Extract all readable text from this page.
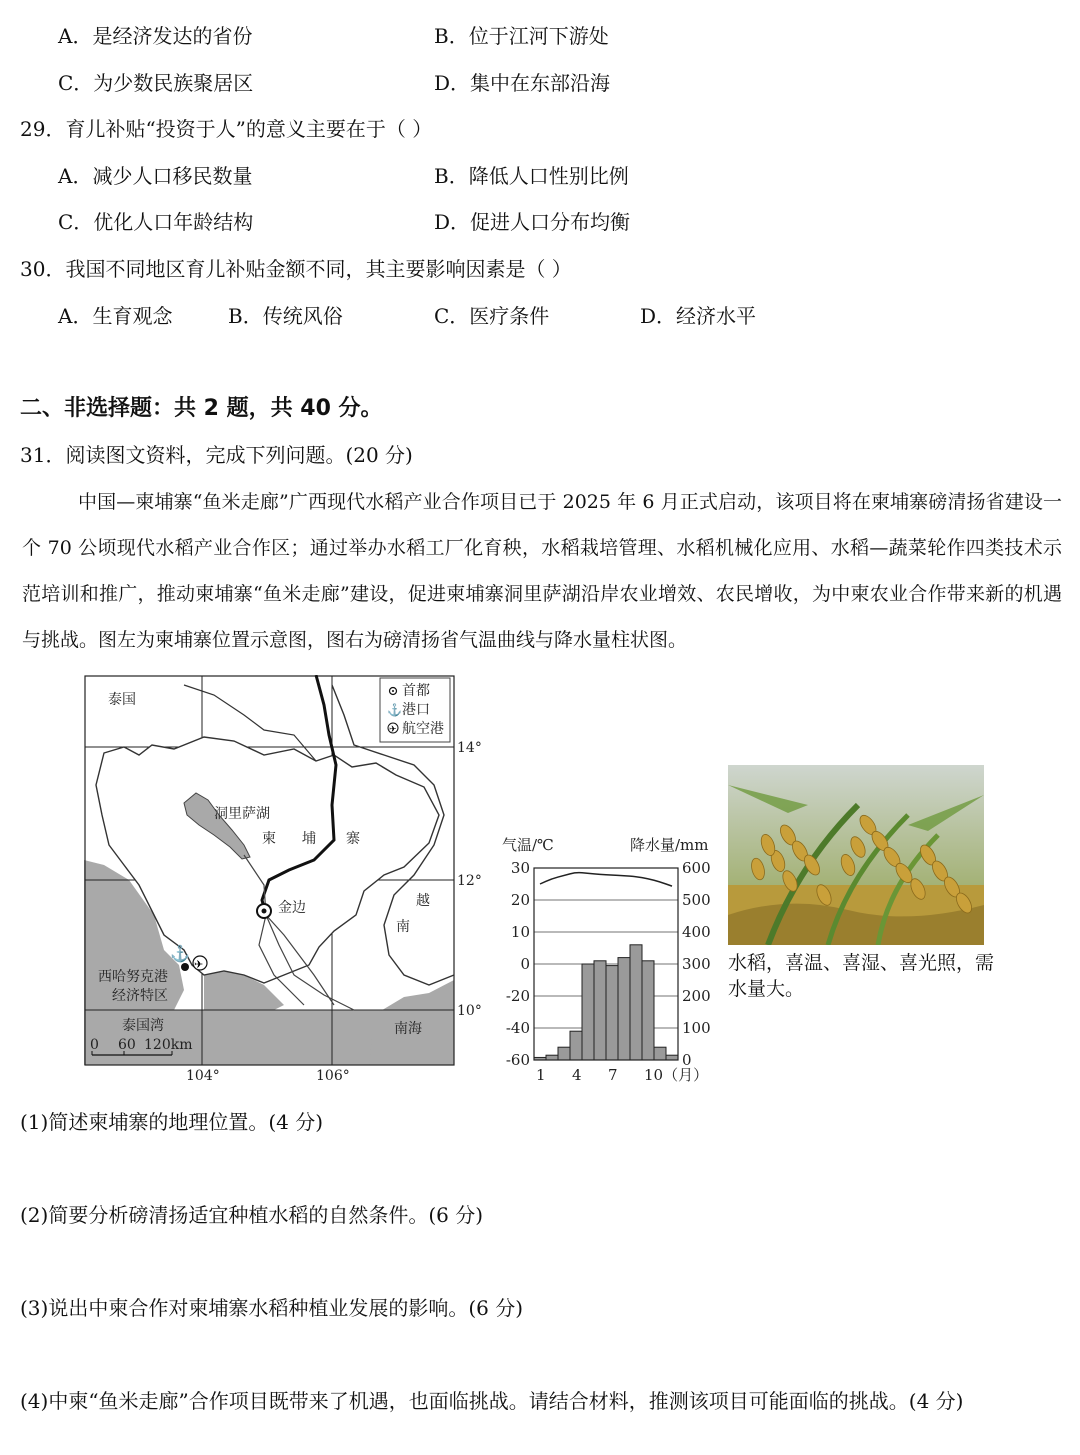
A．是经济发达的省份	B．位于江河下游处
C．为少数民族聚居区	D．集中在东部沿海
29．育儿补贴“投资于人”的意义主要在于（ ）
A．减少人口移民数量	B．降低人口性别比例
C．优化人口年龄结构	D．促进人口分布均衡
30．我国不同地区育儿补贴金额不同，其主要影响因素是（ ）
A．生育观念	B．传统风俗	C．医疗条件	D．经济水平
二、非选择题：共 2 题，共 40 分。
31．阅读图文资料，完成下列问题。(20 分)
中国—柬埔寨“鱼米走廊”广西现代水稻产业合作项目已于 2025 年 6 月正式启动，该项目将在柬埔寨磅清扬省建设一个 70 公顷现代水稻产业合作区；通过举办水稻工厂化育秧，水稻栽培管理、水稻机械化应用、水稻—蔬菜轮作四类技术示范培训和推广，推动柬埔寨“鱼米走廊”建设，促进柬埔寨洞里萨湖沿岸农业增效、农民增收，为中柬农业合作带来新的机遇与挑战。图左为柬埔寨位置示意图，图右为磅清扬省气温曲线与降水量柱状图。
⚓
✈
首都
⚓ 港口
✈ 航空港
泰国
洞里萨湖
柬 埔 寨
越
南
金边
西哈努克港
经济特区
泰国湾	南海
0 60 120km
14°
12°
10°
104°	106°
气温/℃	降水量/mm
600
500
400
300
200
100
0
30
20
10
0
-20
-40
-60
1 4 7 10（月）
水稻，喜温、喜湿、喜光照，需水量大。
(1)简述柬埔寨的地理位置。(4 分)
(2)简要分析磅清扬适宜种植水稻的自然条件。(6 分)
(3)说出中柬合作对柬埔寨水稻种植业发展的影响。(6 分)
(4)中柬“鱼米走廊”合作项目既带来了机遇，也面临挑战。请结合材料，推测该项目可能面临的挑战。(4 分)
